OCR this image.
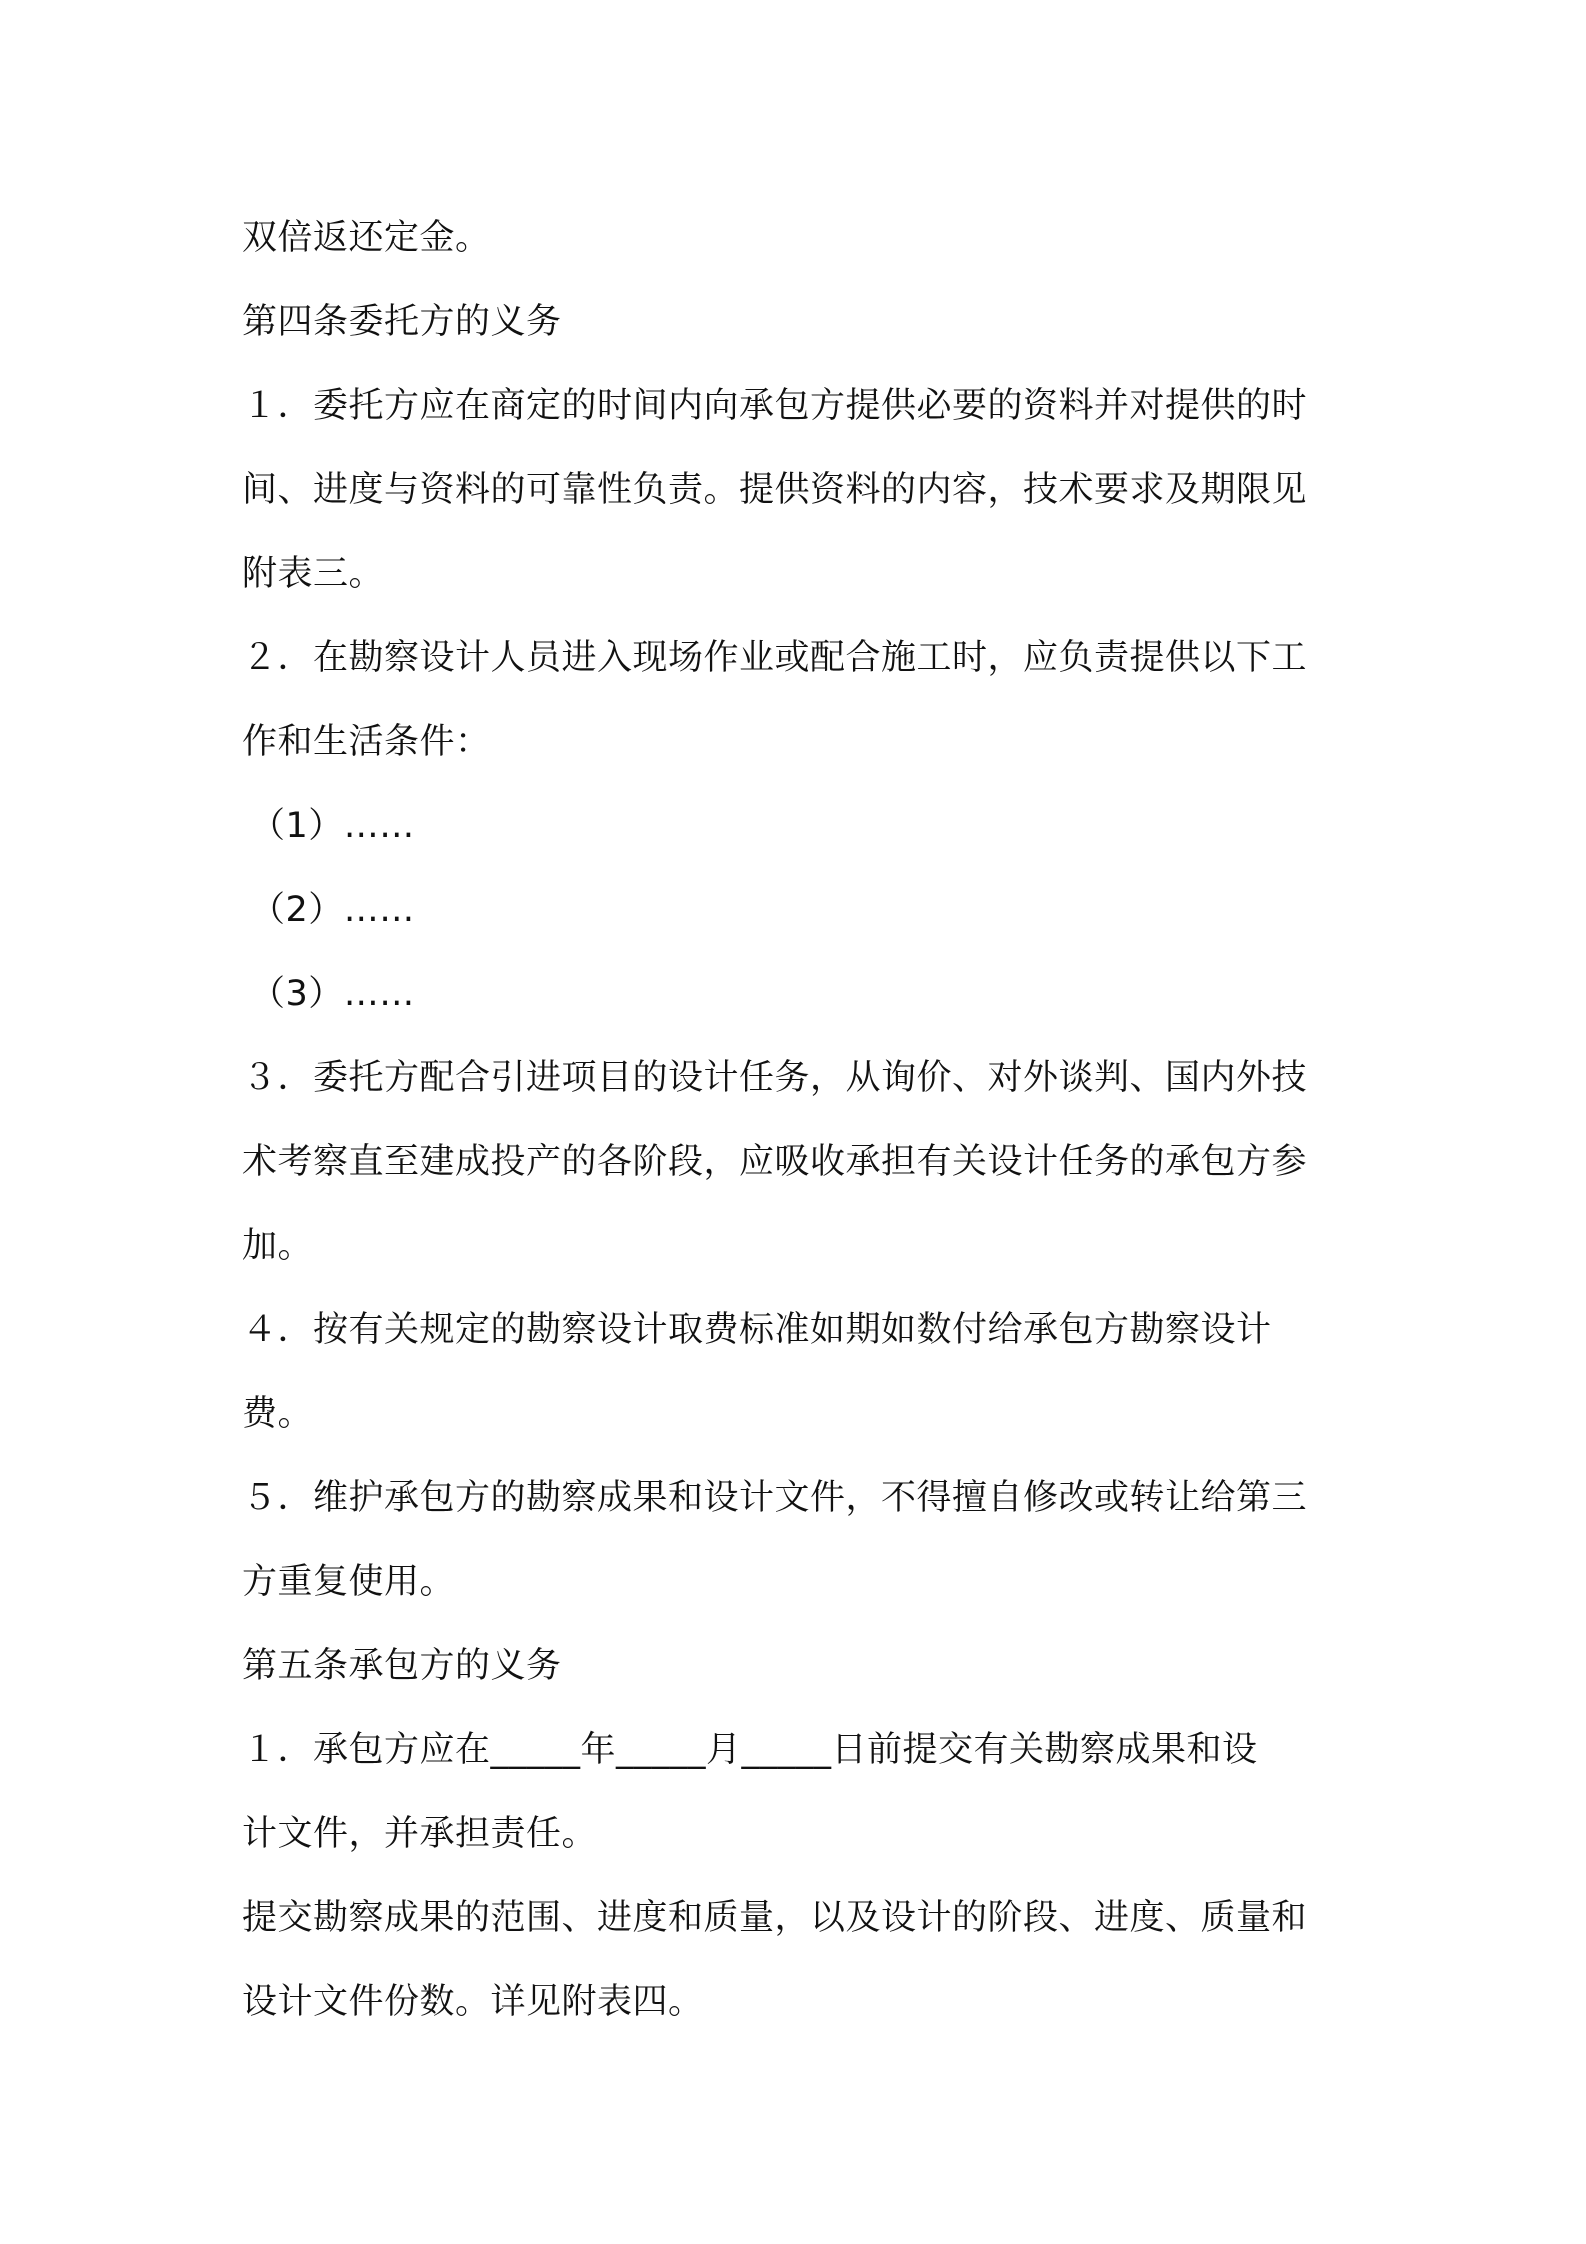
双倍返还定金。
第四条委托方的义务
１．委托方应在商定的时间内向承包方提供必要的资料并对提供的时
间、进度与资料的可靠性负责。提供资料的内容，技术要求及期限见
附表三。
２．在勘察设计人员进入现场作业或配合施工时，应负责提供以下工
作和生活条件：
（1）……
（2）……
（3）……
３．委托方配合引进项目的设计任务，从询价、对外谈判、国内外技
术考察直至建成投产的各阶段，应吸收承担有关设计任务的承包方参
加。
４．按有关规定的勘察设计取费标准如期如数付给承包方勘察设计
费。
５．维护承包方的勘察成果和设计文件，不得擅自修改或转让给第三
方重复使用。
第五条承包方的义务
１．承包方应在_____年_____月_____日前提交有关勘察成果和设
计文件，并承担责任。
提交勘察成果的范围、进度和质量，以及设计的阶段、进度、质量和
设计文件份数。详见附表四。
